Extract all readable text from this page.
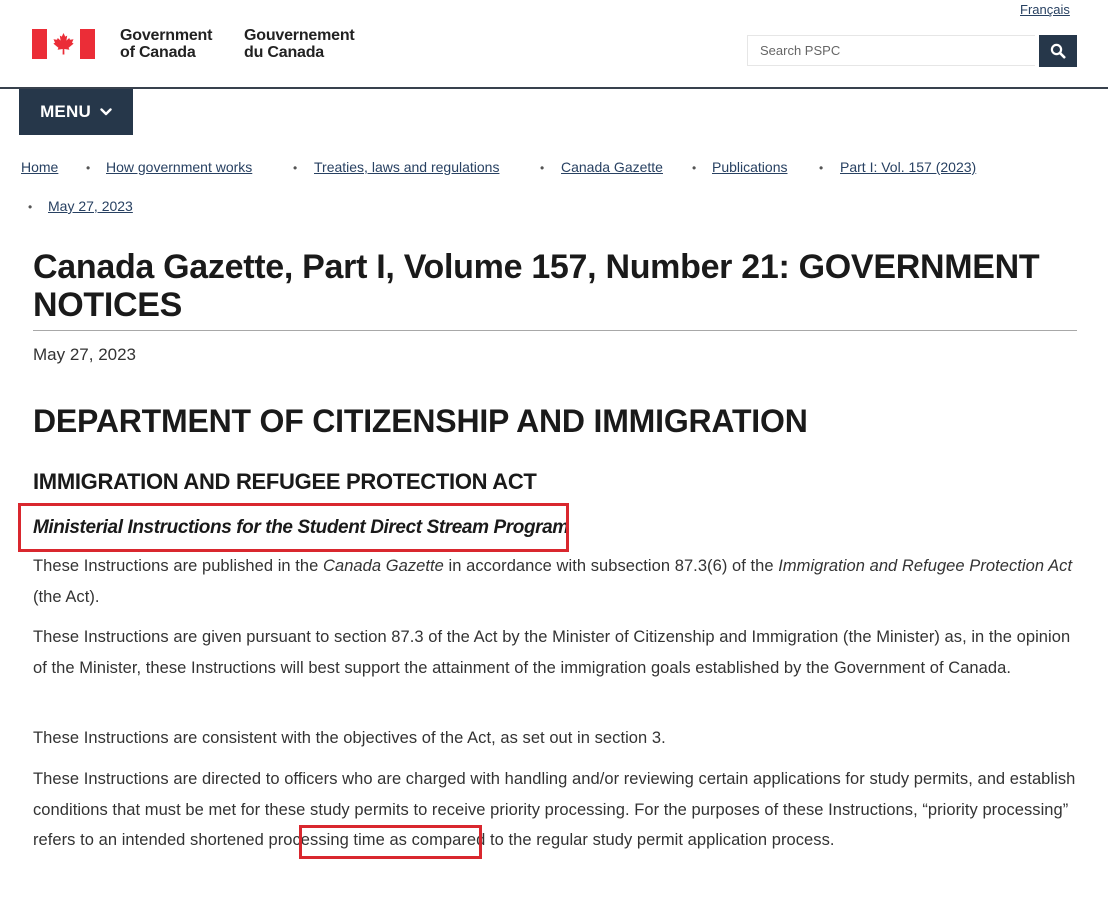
Français
Government
of Canada
Gouvernement
du Canada
Search PSPC
MENU
Home • How government works	• Treaties, laws and regulations	• Canada Gazette • Publications	• Part I: Vol. 157 (2023)
• May 27, 2023
Canada Gazette, Part I, Volume 157, Number 21: GOVERNMENT NOTICES
May 27, 2023
DEPARTMENT OF CITIZENSHIP AND IMMIGRATION
IMMIGRATION AND REFUGEE PROTECTION ACT
Ministerial Instructions for the Student Direct Stream Program

These Instructions are published in the Canada Gazette in accordance with subsection 87.3(6) of the Immigration and Refugee Protection Act (the Act).

These Instructions are given pursuant to section 87.3 of the Act by the Minister of Citizenship and Immigration (the Minister) as, in the opinion of the Minister, these Instructions will best support the attainment of the immigration goals established by the Government of Canada.

These Instructions are consistent with the objectives of the Act, as set out in section 3.

These Instructions are directed to officers who are charged with handling and/or reviewing certain applications for study permits, and establish conditions that must be met for these study permits to receive priority processing. For the purposes of these Instructions, “priority processing” refers to an intended shortened processing time as compared to the regular study permit application process.
